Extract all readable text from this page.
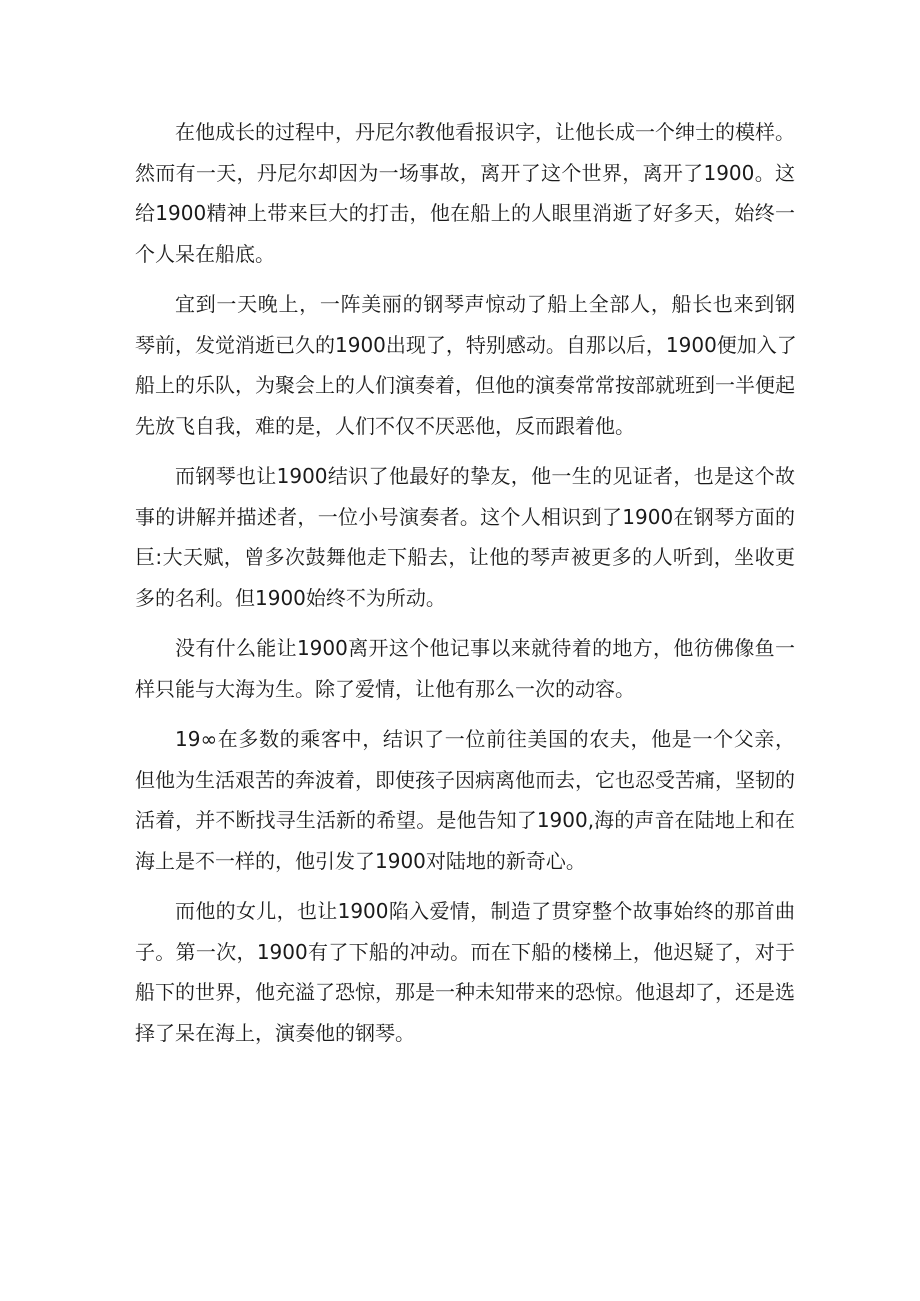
在他成长的过程中，丹尼尔教他看报识字，让他长成一个绅士的模样。
然而有一天，丹尼尔却因为一场事故，离开了这个世界，离开了1900。这
给1900精神上带来巨大的打击，他在船上的人眼里消逝了好多天，始终一
个人呆在船底。
宜到一天晚上，一阵美丽的钢琴声惊动了船上全部人，船长也来到钢
琴前，发觉消逝已久的1900出现了，特别感动。自那以后，1900便加入了
船上的乐队，为聚会上的人们演奏着，但他的演奏常常按部就班到一半便起
先放飞自我，难的是，人们不仅不厌恶他，反而跟着他。
而钢琴也让1900结识了他最好的挚友，他一生的见证者，也是这个故
事的讲解并描述者，一位小号演奏者。这个人相识到了1900在钢琴方面的
巨:大天赋，曾多次鼓舞他走下船去，让他的琴声被更多的人听到，坐收更
多的名利。但1900始终不为所动。
没有什么能让1900离开这个他记事以来就待着的地方，他彷佛像鱼一
样只能与大海为生。除了爱情，让他有那么一次的动容。
19∞在多数的乘客中，结识了一位前往美国的农夫，他是一个父亲，
但他为生活艰苦的奔波着，即使孩子因病离他而去，它也忍受苦痛，坚韧的
活着，并不断找寻生活新的希望。是他告知了1900,海的声音在陆地上和在
海上是不一样的，他引发了1900对陆地的新奇心。
而他的女儿，也让1900陷入爱情，制造了贯穿整个故事始终的那首曲
子。第一次，1900有了下船的冲动。而在下船的楼梯上，他迟疑了，对于
船下的世界，他充溢了恐惊，那是一种未知带来的恐惊。他退却了，还是选
择了呆在海上，演奏他的钢琴。
